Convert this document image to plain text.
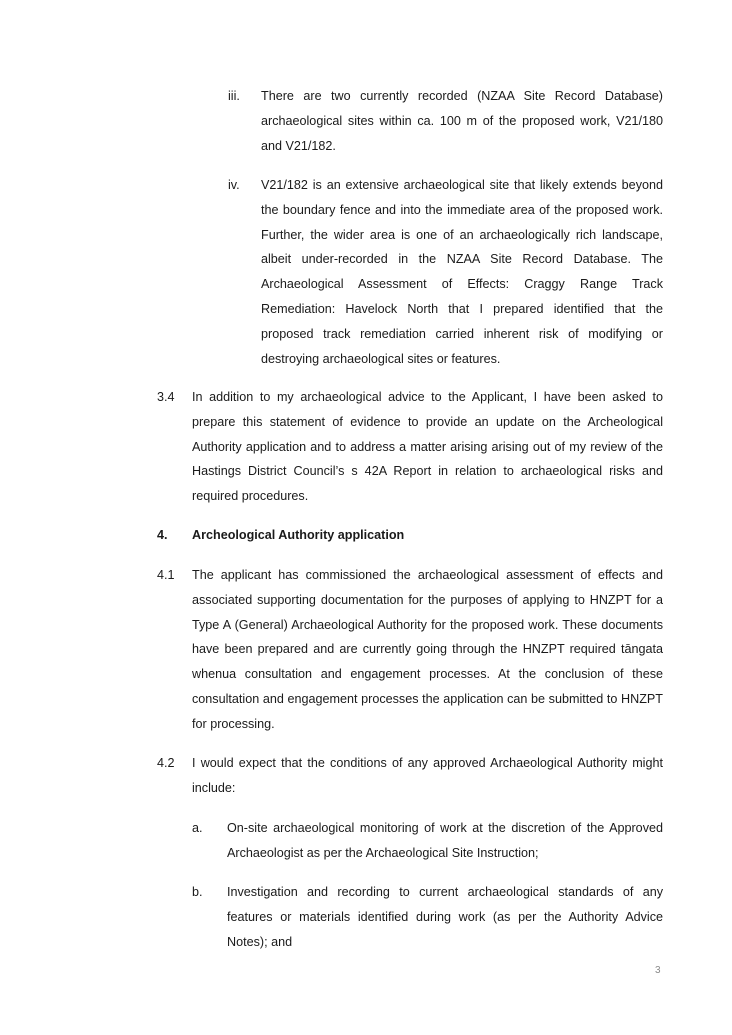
iii. There are two currently recorded (NZAA Site Record Database) archaeological sites within ca. 100 m of the proposed work, V21/180 and V21/182.
iv. V21/182 is an extensive archaeological site that likely extends beyond the boundary fence and into the immediate area of the proposed work. Further, the wider area is one of an archaeologically rich landscape, albeit under-recorded in the NZAA Site Record Database. The Archaeological Assessment of Effects: Craggy Range Track Remediation: Havelock North that I prepared identified that the proposed track remediation carried inherent risk of modifying or destroying archaeological sites or features.
3.4 In addition to my archaeological advice to the Applicant, I have been asked to prepare this statement of evidence to provide an update on the Archeological Authority application and to address a matter arising arising out of my review of the Hastings District Council’s s 42A Report in relation to archaeological risks and required procedures.
4. Archeological Authority application
4.1 The applicant has commissioned the archaeological assessment of effects and associated supporting documentation for the purposes of applying to HNZPT for a Type A (General) Archaeological Authority for the proposed work. These documents have been prepared and are currently going through the HNZPT required tāngata whenua consultation and engagement processes. At the conclusion of these consultation and engagement processes the application can be submitted to HNZPT for processing.
4.2 I would expect that the conditions of any approved Archaeological Authority might include:
a. On-site archaeological monitoring of work at the discretion of the Approved Archaeologist as per the Archaeological Site Instruction;
b. Investigation and recording to current archaeological standards of any features or materials identified during work (as per the Authority Advice Notes); and
3
